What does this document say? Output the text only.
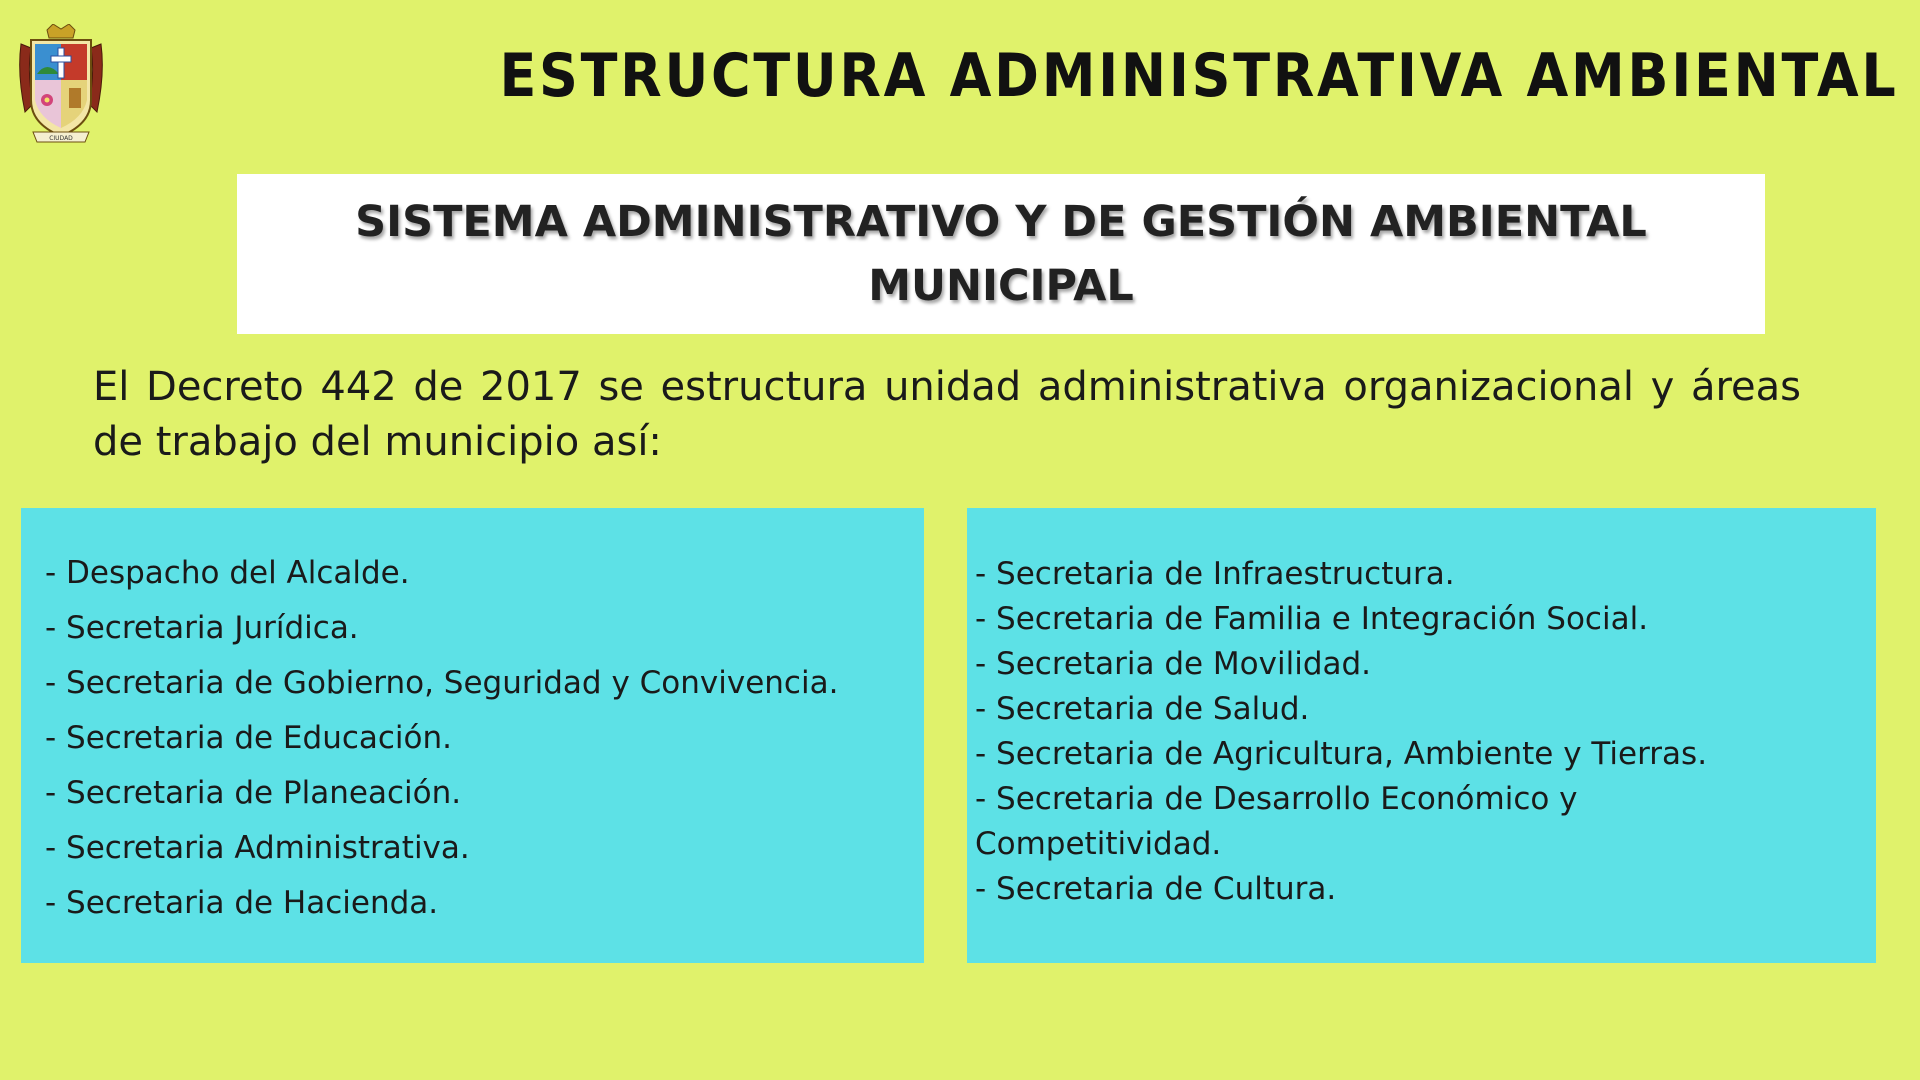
CIUDAD
ESTRUCTURA ADMINISTRATIVA AMBIENTAL
SISTEMA ADMINISTRATIVO Y DE GESTIÓN AMBIENTAL MUNICIPAL

El Decreto 442 de 2017 se estructura unidad administrativa organizacional y áreas de trabajo del municipio así:

- Despacho del Alcalde.
- Secretaria Jurídica.
- Secretaria de Gobierno, Seguridad y Convivencia.
- Secretaria de Educación.
- Secretaria de Planeación.
- Secretaria Administrativa.
- Secretaria de Hacienda.
- Secretaria de Infraestructura.
- Secretaria de Familia e Integración Social.
- Secretaria de Movilidad.
- Secretaria de Salud.
- Secretaria de Agricultura, Ambiente y Tierras.
- Secretaria de Desarrollo Económico y Competitividad.
- Secretaria de Cultura.
